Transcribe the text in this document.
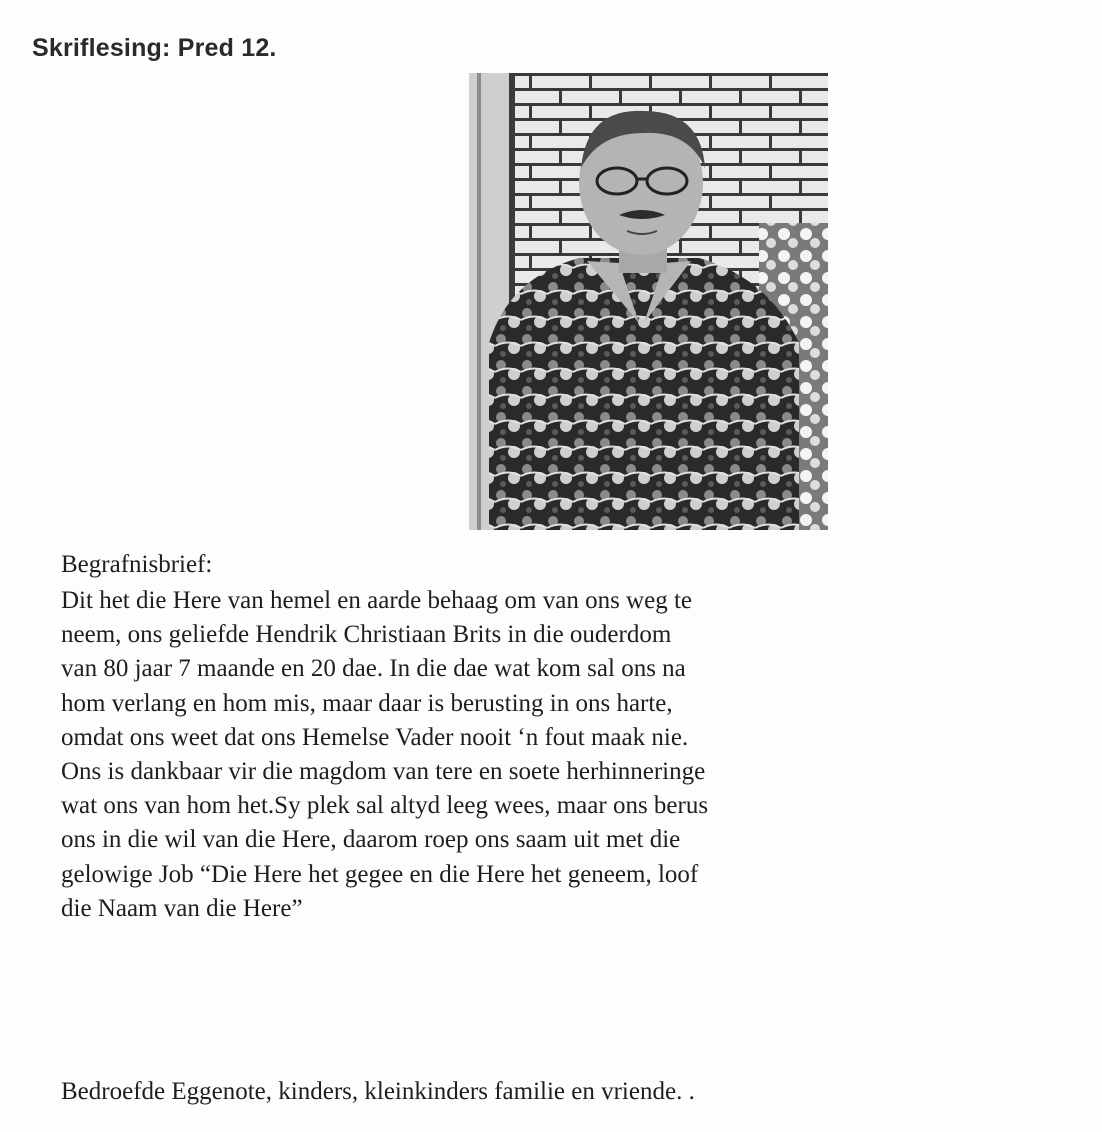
Skriflesing: Pred 12.
Begrafnisbrief:
Dit het die Here van hemel en aarde behaag om van ons weg te
neem, ons geliefde Hendrik Christiaan Brits in die ouderdom
van 80 jaar 7 maande en 20 dae. In die dae wat kom sal ons na
hom verlang en hom mis, maar daar is berusting in ons harte,
omdat ons weet dat ons Hemelse Vader nooit ‘n fout maak nie.
Ons is dankbaar vir die magdom van tere en soete herhinneringe
wat ons van hom het.Sy plek sal altyd leeg wees, maar ons berus
ons in die wil van die Here, daarom roep ons saam uit met die
gelowige Job “Die Here het gegee en die Here het geneem, loof
die Naam van die Here”
Bedroefde Eggenote, kinders, kleinkinders familie en vriende. .
